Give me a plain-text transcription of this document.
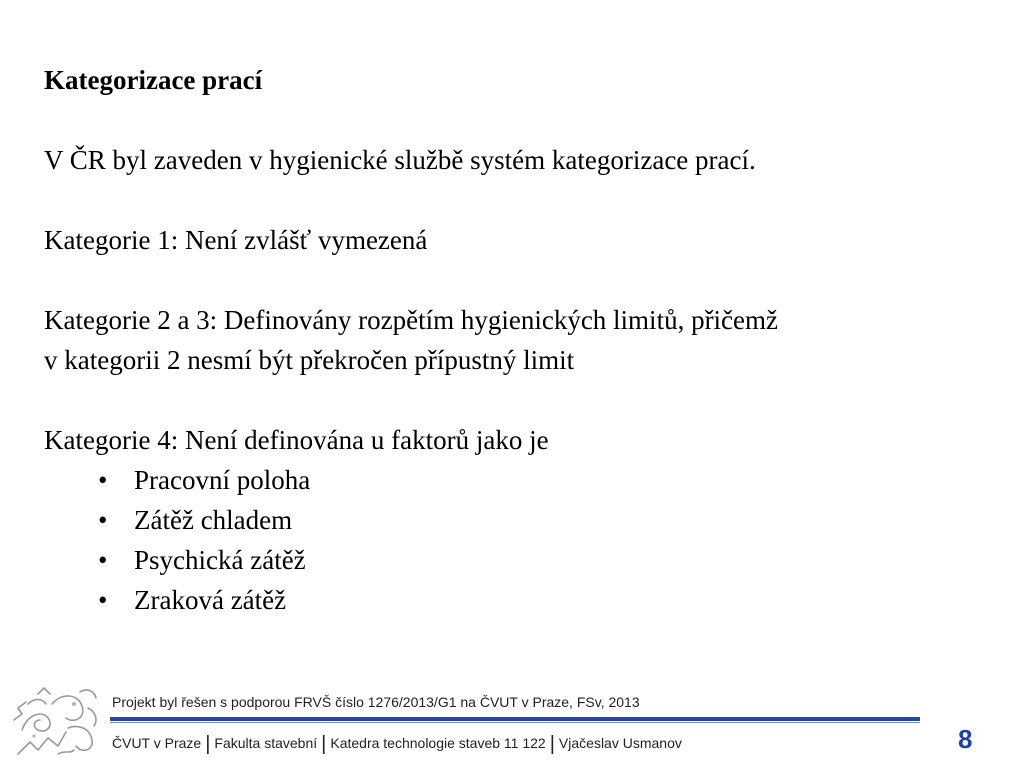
Kategorizace prací

V ČR byl zaveden v hygienické službě systém kategorizace prací.

Kategorie 1: Není zvlášť vymezená

Kategorie 2 a 3: Definovány rozpětím hygienických limitů, přičemž

v kategorii 2 nesmí být překročen přípustný limit

Kategorie 4: Není definována u faktorů jako je

• Pracovní poloha
• Zátěž chladem
• Psychická zátěž
• Zraková zátěž
Projekt byl řešen s podporou FRVŠ číslo 1276/2013/G1 na ČVUT v Praze, FSv, 2013
ČVUT v Praze | Fakulta stavební | Katedra technologie staveb 11 122 | Vjačeslav Usmanov	8
